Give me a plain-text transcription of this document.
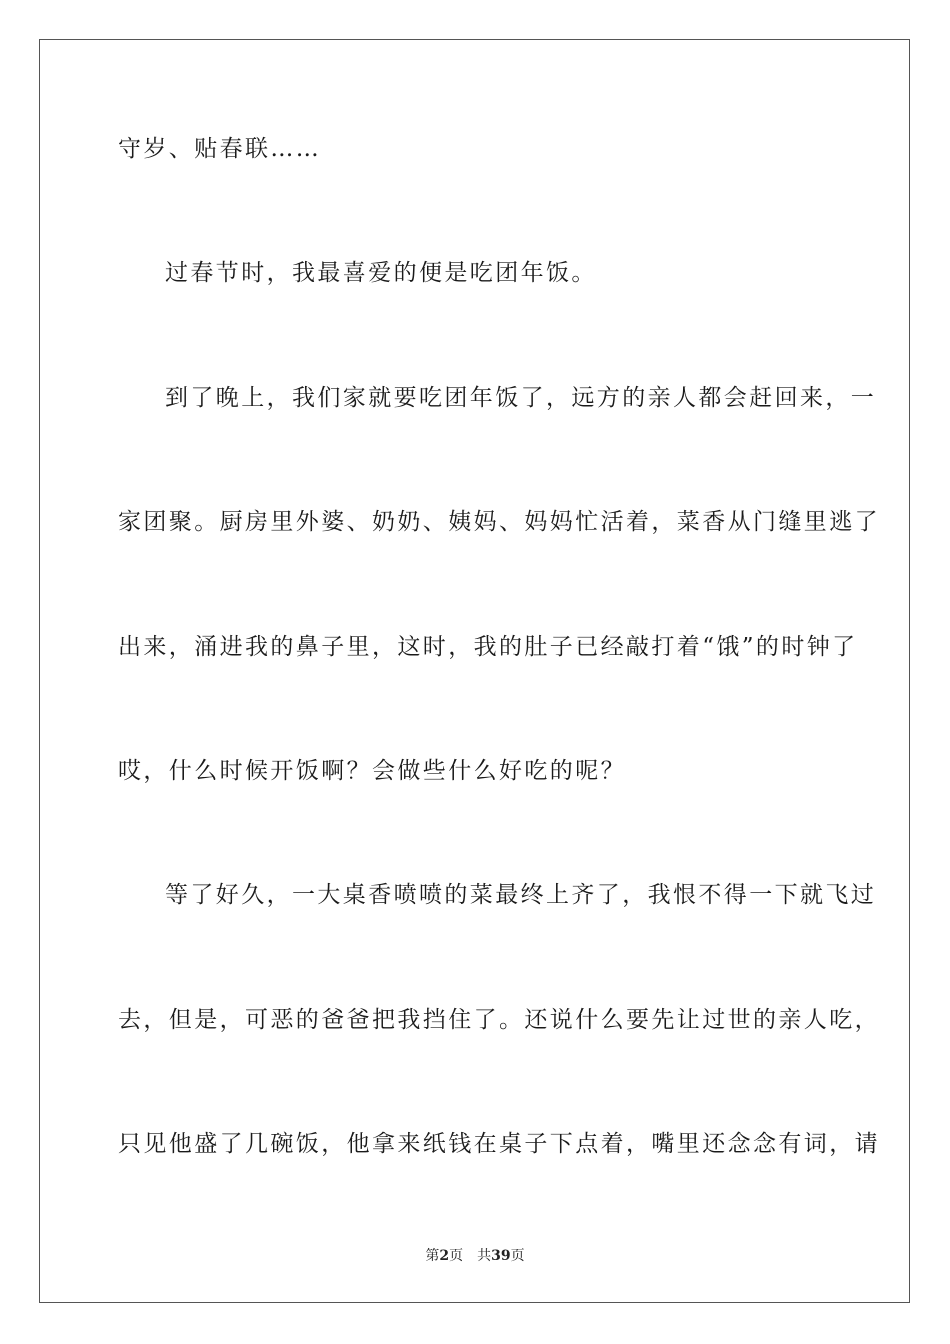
守岁、贴春联……
过春节时，我最喜爱的便是吃团年饭。
到了晚上，我们家就要吃团年饭了，远方的亲人都会赶回来，一
家团聚。厨房里外婆、奶奶、姨妈、妈妈忙活着，菜香从门缝里逃了
出来，涌进我的鼻子里，这时，我的肚子已经敲打着“饿”的时钟了
哎，什么时候开饭啊？会做些什么好吃的呢？
等了好久，一大桌香喷喷的菜最终上齐了，我恨不得一下就飞过
去，但是，可恶的爸爸把我挡住了。还说什么要先让过世的亲人吃，
只见他盛了几碗饭，他拿来纸钱在桌子下点着，嘴里还念念有词，请
第2页 共39页
